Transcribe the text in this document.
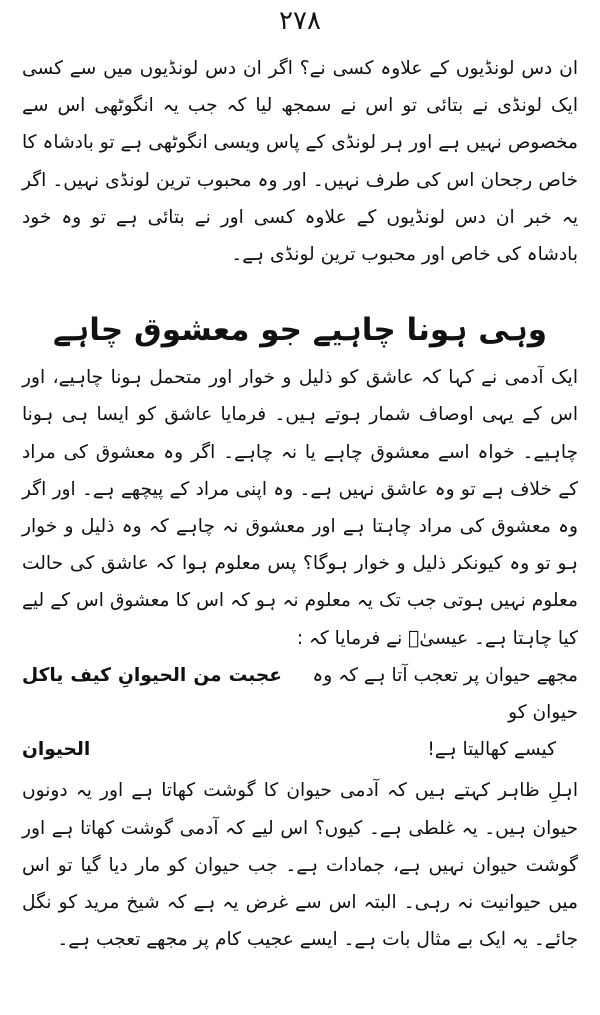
۲۷۸

ان دس لونڈیوں کے علاوہ کسی نے؟ اگر ان دس لونڈیوں میں سے کسی ایک لونڈی نے بتائی تو اس نے سمجھ لیا کہ جب یہ انگوٹھی اس سے مخصوص نہیں ہے اور ہر لونڈی کے پاس ویسی انگوٹھی ہے تو بادشاہ کا خاص رجحان اس کی طرف نہیں۔ اور وہ محبوب ترین لونڈی نہیں۔ اگر یہ خبر ان دس لونڈیوں کے علاوہ کسی اور نے بتائی ہے تو وہ خود بادشاہ کی خاص اور محبوب ترین لونڈی ہے۔

وہی ہونا چاہیے جو معشوق چاہے

ایک آدمی نے کہا کہ عاشق کو ذلیل و خوار اور متحمل ہونا چاہیے، اور اس کے یہی اوصاف شمار ہوتے ہیں۔ فرمایا عاشق کو ایسا ہی ہونا چاہیے۔ خواہ اسے معشوق چاہے یا نہ چاہے۔ اگر وہ معشوق کی مراد کے خلاف ہے تو وہ عاشق نہیں ہے۔ وہ اپنی مراد کے پیچھے ہے۔ اور اگر وہ معشوق کی مراد چاہتا ہے اور معشوق نہ چاہے کہ وہ ذلیل و خوار ہو تو وہ کیونکر ذلیل و خوار ہوگا؟ پس معلوم ہوا کہ عاشق کی حالت معلوم نہیں ہوتی جب تک یہ معلوم نہ ہو کہ اس کا معشوق اس کے لیے کیا چاہتا ہے۔ عیسیٰؑ نے فرمایا کہ :

مجھے حیوان پر تعجب آتا ہے کہ وہ حیوان کو
عجبت من الحیوانِ کیف یاکل
کیسے کھالیتا ہے!
الحیوان

اہلِ ظاہر کہتے ہیں کہ آدمی حیوان کا گوشت کھاتا ہے اور یہ دونوں حیوان ہیں۔ یہ غلطی ہے۔ کیوں؟ اس لیے کہ آدمی گوشت کھاتا ہے اور گوشت حیوان نہیں ہے، جمادات ہے۔ جب حیوان کو مار دیا گیا تو اس میں حیوانیت نہ رہی۔ البتہ اس سے غرض یہ ہے کہ شیخ مرید کو نگل جائے۔ یہ ایک بے مثال بات ہے۔ ایسے عجیب کام پر مجھے تعجب ہے۔
